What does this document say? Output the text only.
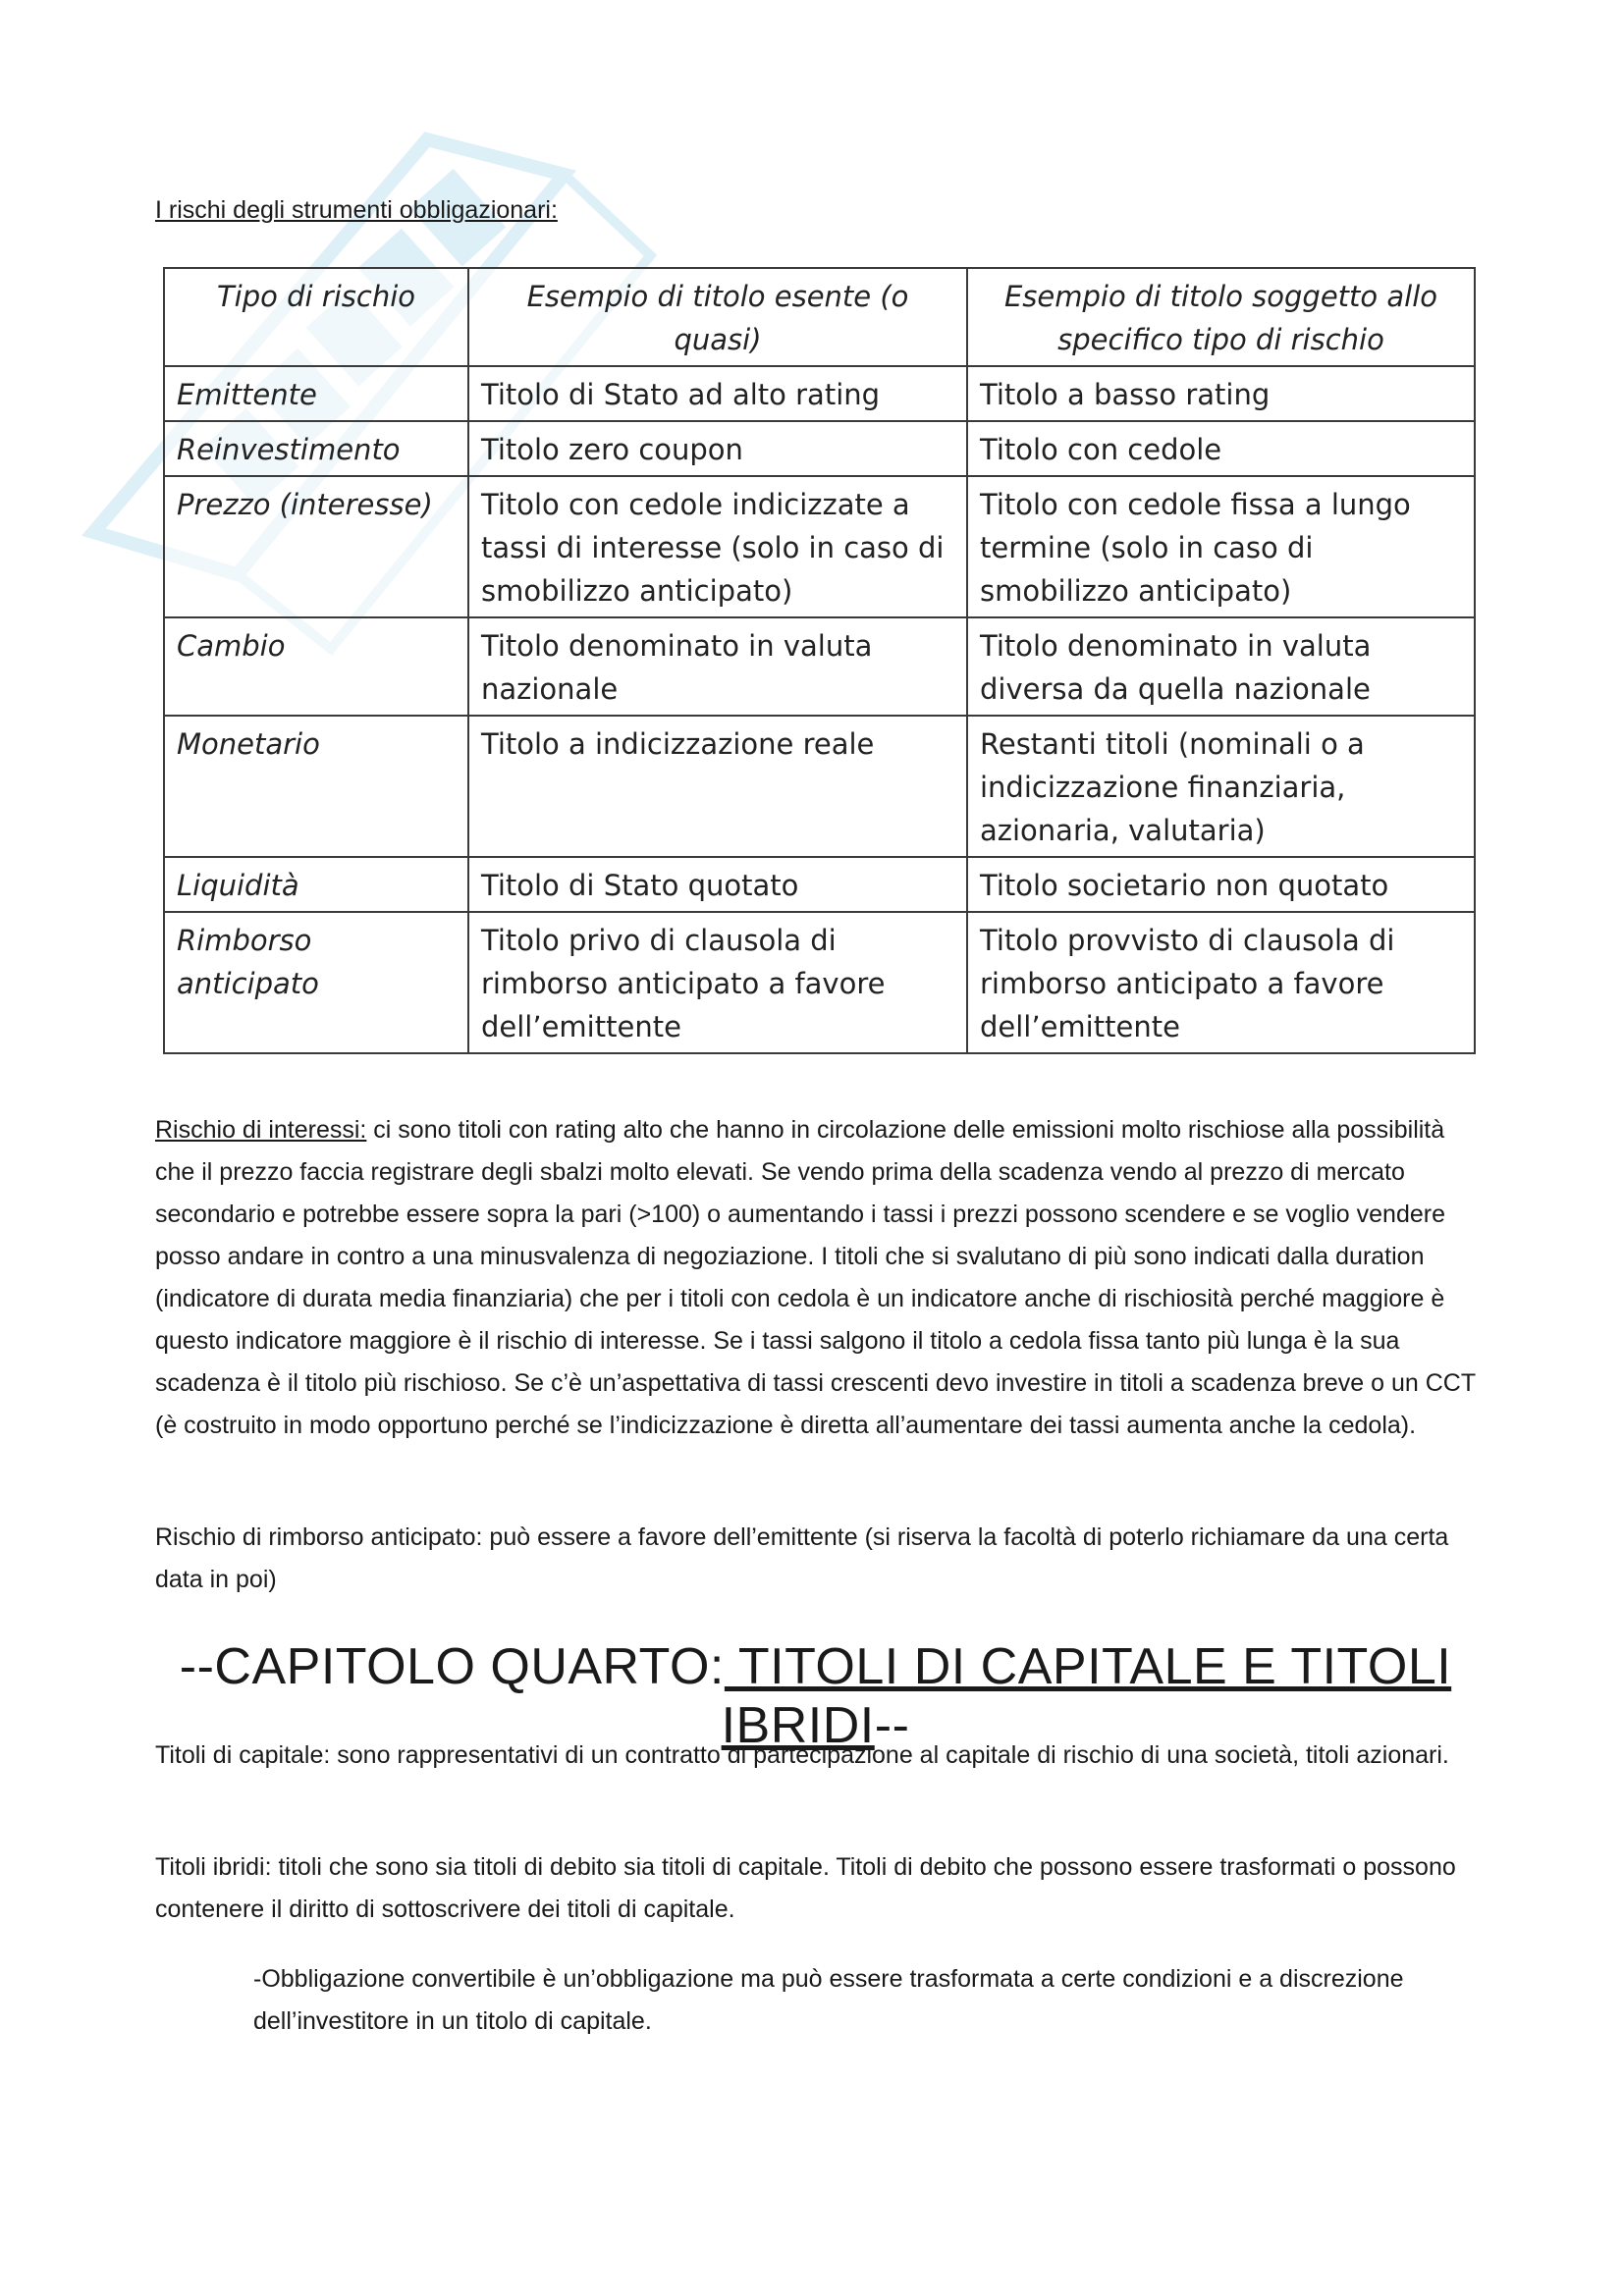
I rischi degli strumenti obbligazionari:
Tipo di rischio	Esempio di titolo esente (o quasi)	Esempio di titolo soggetto allo specifico tipo di rischio
Emittente	Titolo di Stato ad alto rating	Titolo a basso rating
Reinvestimento	Titolo zero coupon	Titolo con cedole
Prezzo (interesse)	Titolo con cedole indicizzate a tassi di interesse (solo in caso di smobilizzo anticipato)	Titolo con cedole fissa a lungo termine (solo in caso di smobilizzo anticipato)
Cambio	Titolo denominato in valuta nazionale	Titolo denominato in valuta diversa da quella nazionale
Monetario	Titolo a indicizzazione reale	Restanti titoli (nominali o a indicizzazione finanziaria, azionaria, valutaria)
Liquidità	Titolo di Stato quotato	Titolo societario non quotato
Rimborso anticipato	Titolo privo di clausola di rimborso anticipato a favore dell’emittente	Titolo provvisto di clausola di rimborso anticipato a favore dell’emittente

Rischio di interessi: ci sono titoli con rating alto che hanno in circolazione delle emissioni molto rischiose alla possibilità che il prezzo faccia registrare degli sbalzi molto elevati. Se vendo prima della scadenza vendo al prezzo di mercato secondario e potrebbe essere sopra la pari (>100) o aumentando i tassi i prezzi possono scendere e se voglio vendere posso andare in contro a una minusvalenza di negoziazione. I titoli che si svalutano di più sono indicati dalla duration (indicatore di durata media finanziaria) che per i titoli con cedola è un indicatore anche di rischiosità perché maggiore è questo indicatore maggiore è il rischio di interesse. Se i tassi salgono il titolo a cedola fissa tanto più lunga è la sua scadenza è il titolo più rischioso. Se c’è un’aspettativa di tassi crescenti devo investire in titoli a scadenza breve o un CCT (è costruito in modo opportuno perché se l’indicizzazione è diretta all’aumentare dei tassi aumenta anche la cedola).

Rischio di rimborso anticipato: può essere a favore dell’emittente (si riserva la facoltà di poterlo richiamare da una certa data in poi)

--CAPITOLO QUARTO: TITOLI DI CAPITALE E TITOLI IBRIDI--

Titoli di capitale: sono rappresentativi di un contratto di partecipazione al capitale di rischio di una società, titoli azionari.

Titoli ibridi: titoli che sono sia titoli di debito sia titoli di capitale. Titoli di debito che possono essere trasformati o possono contenere il diritto di sottoscrivere dei titoli di capitale.

-Obbligazione convertibile è un’obbligazione ma può essere trasformata a certe condizioni e a discrezione dell’investitore in un titolo di capitale.
